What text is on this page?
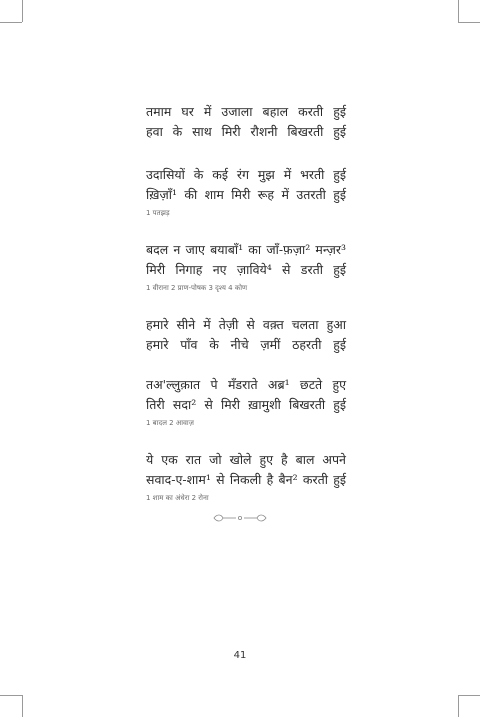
तमाम घर में उजाला बहाल करती हुई
हवा के साथ मिरी रौशनी बिखरती हुई
उदासियों के कई रंग मुझ में भरती हुई
ख़िज़ाँ¹ की शाम मिरी रूह में उतरती हुई
1 पतझड़
बदल न जाए बयाबाँ¹ का जाँ-फ़ज़ा² मन्ज़र³
मिरी निगाह नए ज़ाविये⁴ से डरती हुई
1 वीराना 2 प्राण-पोषक 3 दृश्य 4 कोण
हमारे सीने में तेज़ी से वक़्त चलता हुआ
हमारे पाँव के नीचे ज़मीं ठहरती हुई
तअ'ल्लुक़ात पे मँडराते अब्र¹ छटते हुए
तिरी सदा² से मिरी ख़ामुशी बिखरती हुई
1 बादल 2 आवाज़
ये एक रात जो खोले हुए है बाल अपने
सवाद-ए-शाम¹ से निकली है बैन² करती हुई
1 शाम का अंधेरा 2 रोना
41
